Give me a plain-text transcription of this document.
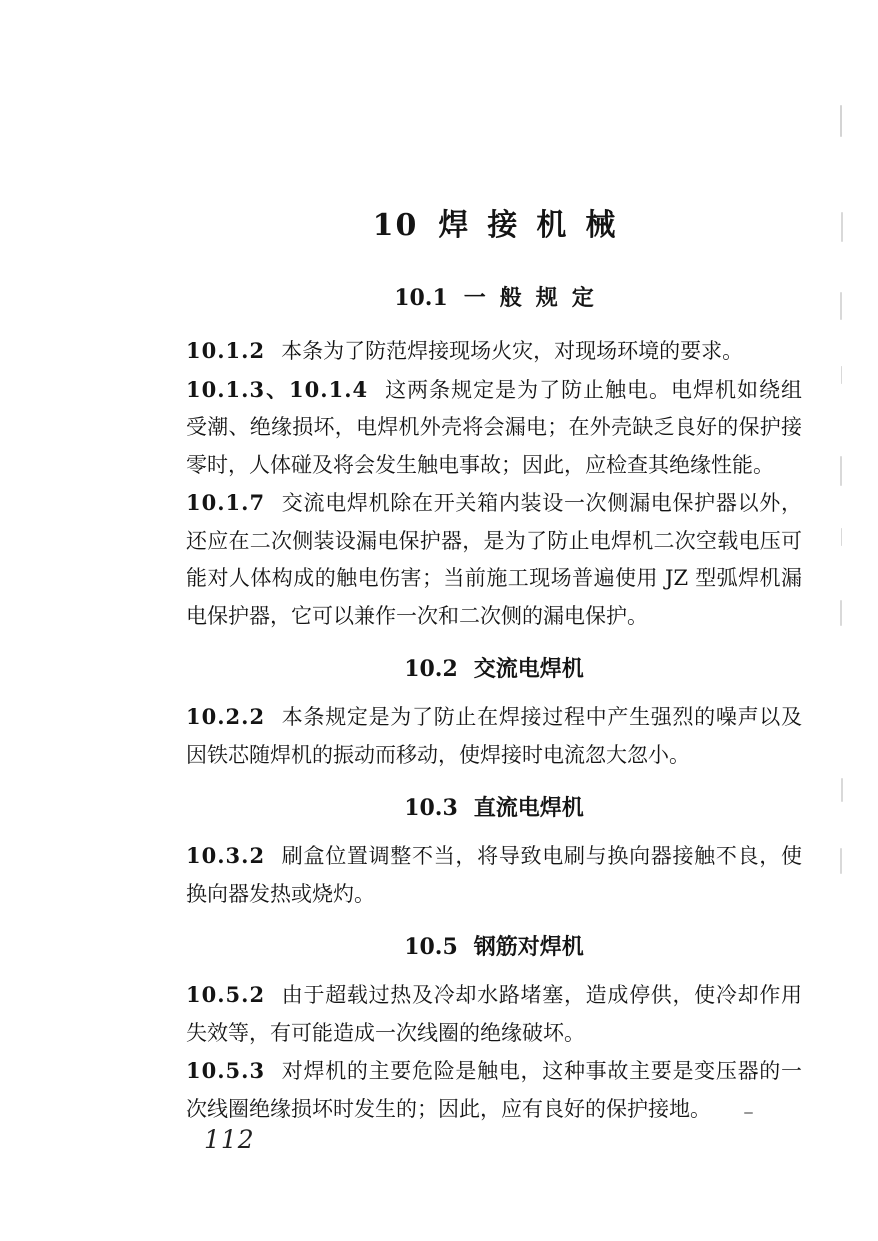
10 焊接机械
10.1 一般规定

10.1.2 本条为了防范焊接现场火灾，对现场环境的要求。

10.1.3、10.1.4 这两条规定是为了防止触电。电焊机如绕组受潮、绝缘损坏，电焊机外壳将会漏电；在外壳缺乏良好的保护接零时，人体碰及将会发生触电事故；因此，应检查其绝缘性能。

10.1.7 交流电焊机除在开关箱内装设一次侧漏电保护器以外，还应在二次侧装设漏电保护器，是为了防止电焊机二次空载电压可能对人体构成的触电伤害；当前施工现场普遍使用 JZ 型弧焊机漏电保护器，它可以兼作一次和二次侧的漏电保护。

10.2 交流电焊机

10.2.2 本条规定是为了防止在焊接过程中产生强烈的噪声以及因铁芯随焊机的振动而移动，使焊接时电流忽大忽小。

10.3 直流电焊机

10.3.2 刷盒位置调整不当，将导致电刷与换向器接触不良，使换向器发热或烧灼。

10.5 钢筋对焊机

10.5.2 由于超载过热及冷却水路堵塞，造成停供，使冷却作用失效等，有可能造成一次线圈的绝缘破坏。

10.5.3 对焊机的主要危险是触电，这种事故主要是变压器的一次线圈绝缘损坏时发生的；因此，应有良好的保护接地。

112
